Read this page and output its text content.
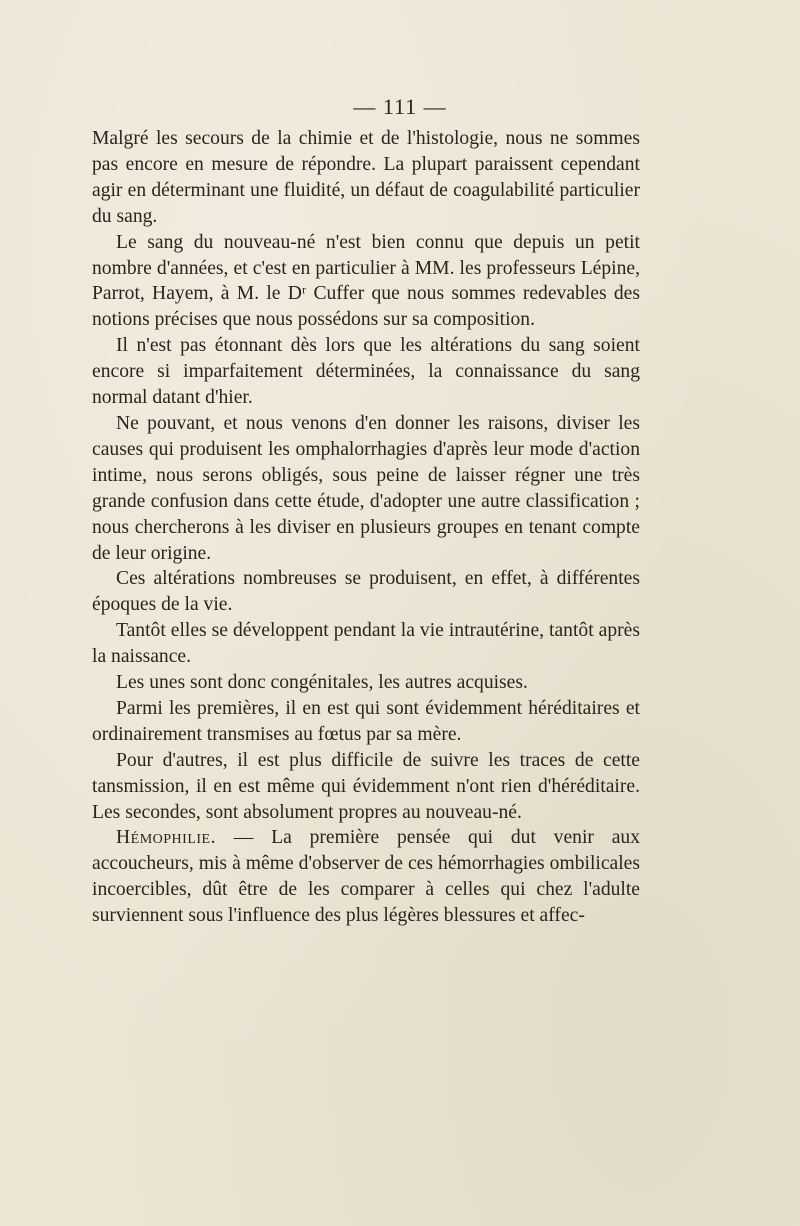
— 111 —

Malgré les secours de la chimie et de l'histologie, nous ne sommes pas encore en mesure de répondre. La plupart paraissent cependant agir en déterminant une fluidité, un défaut de coagulabilité particulier du sang.

Le sang du nouveau-né n'est bien connu que depuis un petit nombre d'années, et c'est en particulier à MM. les professeurs Lépine, Parrot, Hayem, à M. le Dʳ Cuffer que nous sommes redevables des notions précises que nous possédons sur sa composition.

Il n'est pas étonnant dès lors que les altérations du sang soient encore si imparfaitement déterminées, la connaissance du sang normal datant d'hier.

Ne pouvant, et nous venons d'en donner les raisons, diviser les causes qui produisent les omphalorrhagies d'après leur mode d'action intime, nous serons obligés, sous peine de laisser régner une très grande confusion dans cette étude, d'adopter une autre classification ; nous chercherons à les diviser en plusieurs groupes en tenant compte de leur origine.

Ces altérations nombreuses se produisent, en effet, à différentes époques de la vie.

Tantôt elles se développent pendant la vie intrautérine, tantôt après la naissance.

Les unes sont donc congénitales, les autres acquises.

Parmi les premières, il en est qui sont évidemment héréditaires et ordinairement transmises au fœtus par sa mère.

Pour d'autres, il est plus difficile de suivre les traces de cette tansmission, il en est même qui évidemment n'ont rien d'héréditaire. Les secondes, sont absolument propres au nouveau-né.

Hémophilie. — La première pensée qui dut venir aux accoucheurs, mis à même d'observer de ces hémorrhagies ombilicales incoercibles, dût être de les comparer à celles qui chez l'adulte surviennent sous l'influence des plus légères blessures et affec-
